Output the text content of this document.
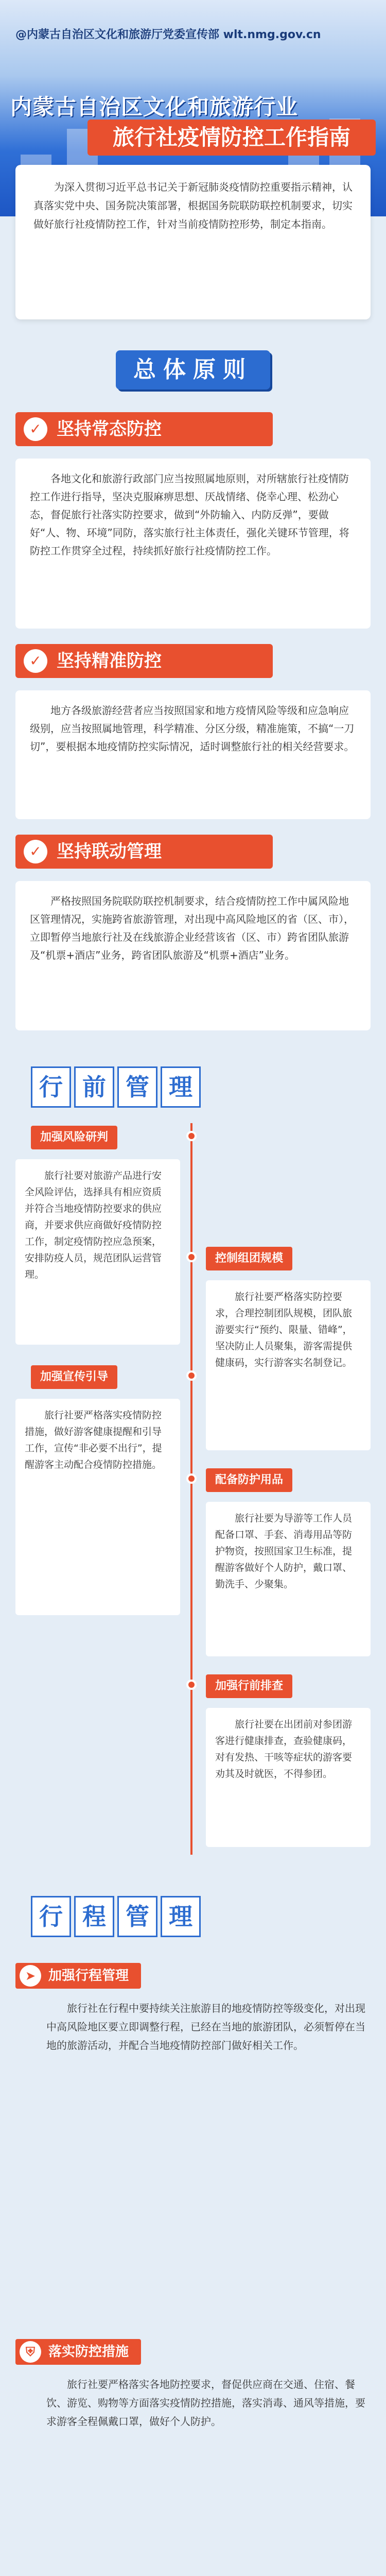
@内蒙古自治区文化和旅游厅党委宣传部 wlt.nmg.gov.cn
内蒙古自治区文化和旅游行业
旅行社疫情防控工作指南
为深入贯彻习近平总书记关于新冠肺炎疫情防控重要指示精神，认真落实党中央、国务院决策部署，根据国务院联防联控机制要求，切实做好旅行社疫情防控工作，针对当前疫情防控形势，制定本指南。
总体原则
✓ 坚持常态防控
各地文化和旅游行政部门应当按照属地原则，对所辖旅行社疫情防控工作进行指导，坚决克服麻痹思想、厌战情绪、侥幸心理、松劲心态，督促旅行社落实防控要求，做到“外防输入、内防反弹”，要做好“人、物、环境”同防，落实旅行社主体责任，强化关键环节管理，将防控工作贯穿全过程，持续抓好旅行社疫情防控工作。
✓ 坚持精准防控
地方各级旅游经营者应当按照国家和地方疫情风险等级和应急响应级别，应当按照属地管理，科学精准、分区分级，精准施策，不搞“一刀切”，要根据本地疫情防控实际情况，适时调整旅行社的相关经营要求。
✓ 坚持联动管理
严格按照国务院联防联控机制要求，结合疫情防控工作中属风险地区管理情况，实施跨省旅游管理，对出现中高风险地区的省（区、市），立即暂停当地旅行社及在线旅游企业经营该省（区、市）跨省团队旅游及“机票+酒店”业务，跨省团队旅游及“机票+酒店”业务。
行 前 管 理
加强风险研判
旅行社要对旅游产品进行安全风险评估，选择具有相应资质并符合当地疫情防控要求的供应商，并要求供应商做好疫情防控工作，制定疫情防控应急预案，安排防疫人员，规范团队运营管理。
控制组团规模
旅行社要严格落实防控要求，合理控制团队规模，团队旅游要实行“预约、限量、错峰”，坚决防止人员聚集，游客需提供健康码，实行游客实名制登记。
配备防护用品
旅行社要为导游等工作人员配备口罩、手套、消毒用品等防护物资，按照国家卫生标准，提醒游客做好个人防护，戴口罩、勤洗手、少聚集。
加强宣传引导
旅行社要严格落实疫情防控措施，做好游客健康提醒和引导工作，宣传“非必要不出行”，提醒游客主动配合疫情防控措施。
加强行前排查
旅行社要在出团前对参团游客进行健康排查，查验健康码，对有发热、干咳等症状的游客要劝其及时就医，不得参团。
行 程 管 理
➤ 加强行程管理
旅行社在行程中要持续关注旅游目的地疫情防控等级变化，对出现中高风险地区要立即调整行程，已经在当地的旅游团队，必须暂停在当地的旅游活动，并配合当地疫情防控部门做好相关工作。
⛨	落实防控措施
旅行社要严格落实各地防控要求，督促供应商在交通、住宿、餐饮、游览、购物等方面落实疫情防控措施，落实消毒、通风等措施，要求游客全程佩戴口罩，做好个人防护。
